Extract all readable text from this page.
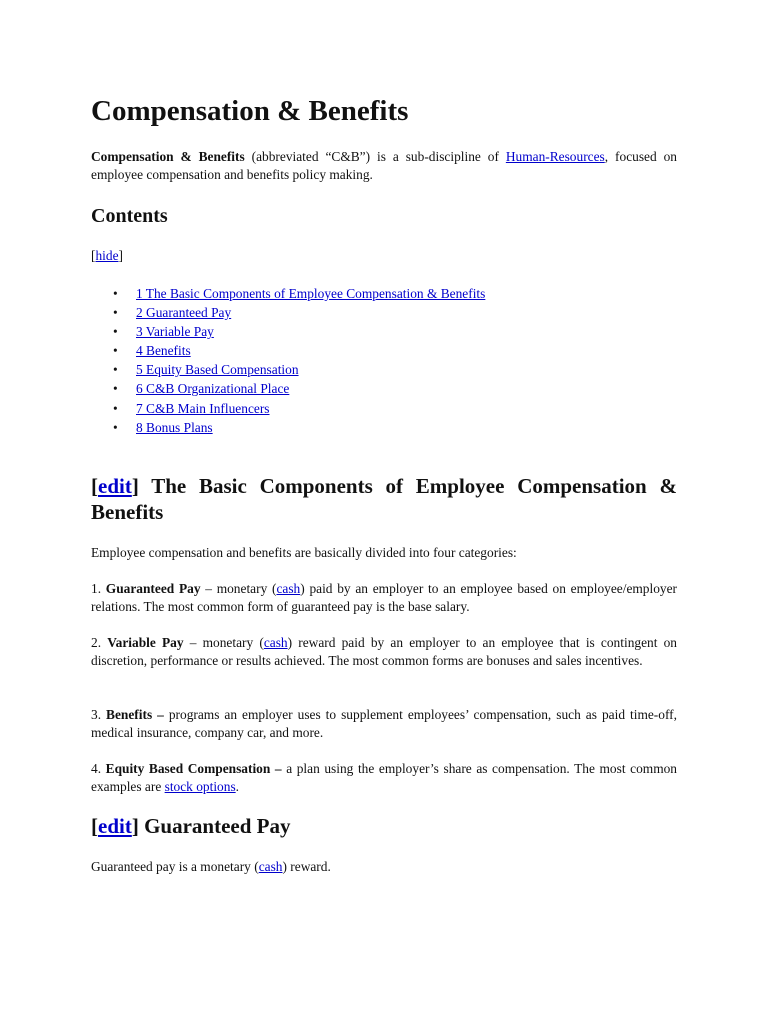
Compensation & Benefits

Compensation & Benefits (abbreviated “C&B”) is a sub-discipline of Human-Resources, focused on employee compensation and benefits policy making.

Contents
[hide]
• 1 The Basic Components of Employee Compensation & Benefits
• 2 Guaranteed Pay
• 3 Variable Pay
• 4 Benefits
• 5 Equity Based Compensation
• 6 C&B Organizational Place
• 7 C&B Main Influencers
• 8 Bonus Plans
[edit] The Basic Components of Employee Compensation & Benefits

Employee compensation and benefits are basically divided into four categories:

1. Guaranteed Pay – monetary (cash) paid by an employer to an employee based on employee/employer relations. The most common form of guaranteed pay is the base salary.

2. Variable Pay – monetary (cash) reward paid by an employer to an employee that is contingent on discretion, performance or results achieved. The most common forms are bonuses and sales incentives.

3. Benefits – programs an employer uses to supplement employees’ compensation, such as paid time-off, medical insurance, company car, and more.

4. Equity Based Compensation – a plan using the employer’s share as compensation. The most common examples are stock options.

[edit] Guaranteed Pay

Guaranteed pay is a monetary (cash) reward.
